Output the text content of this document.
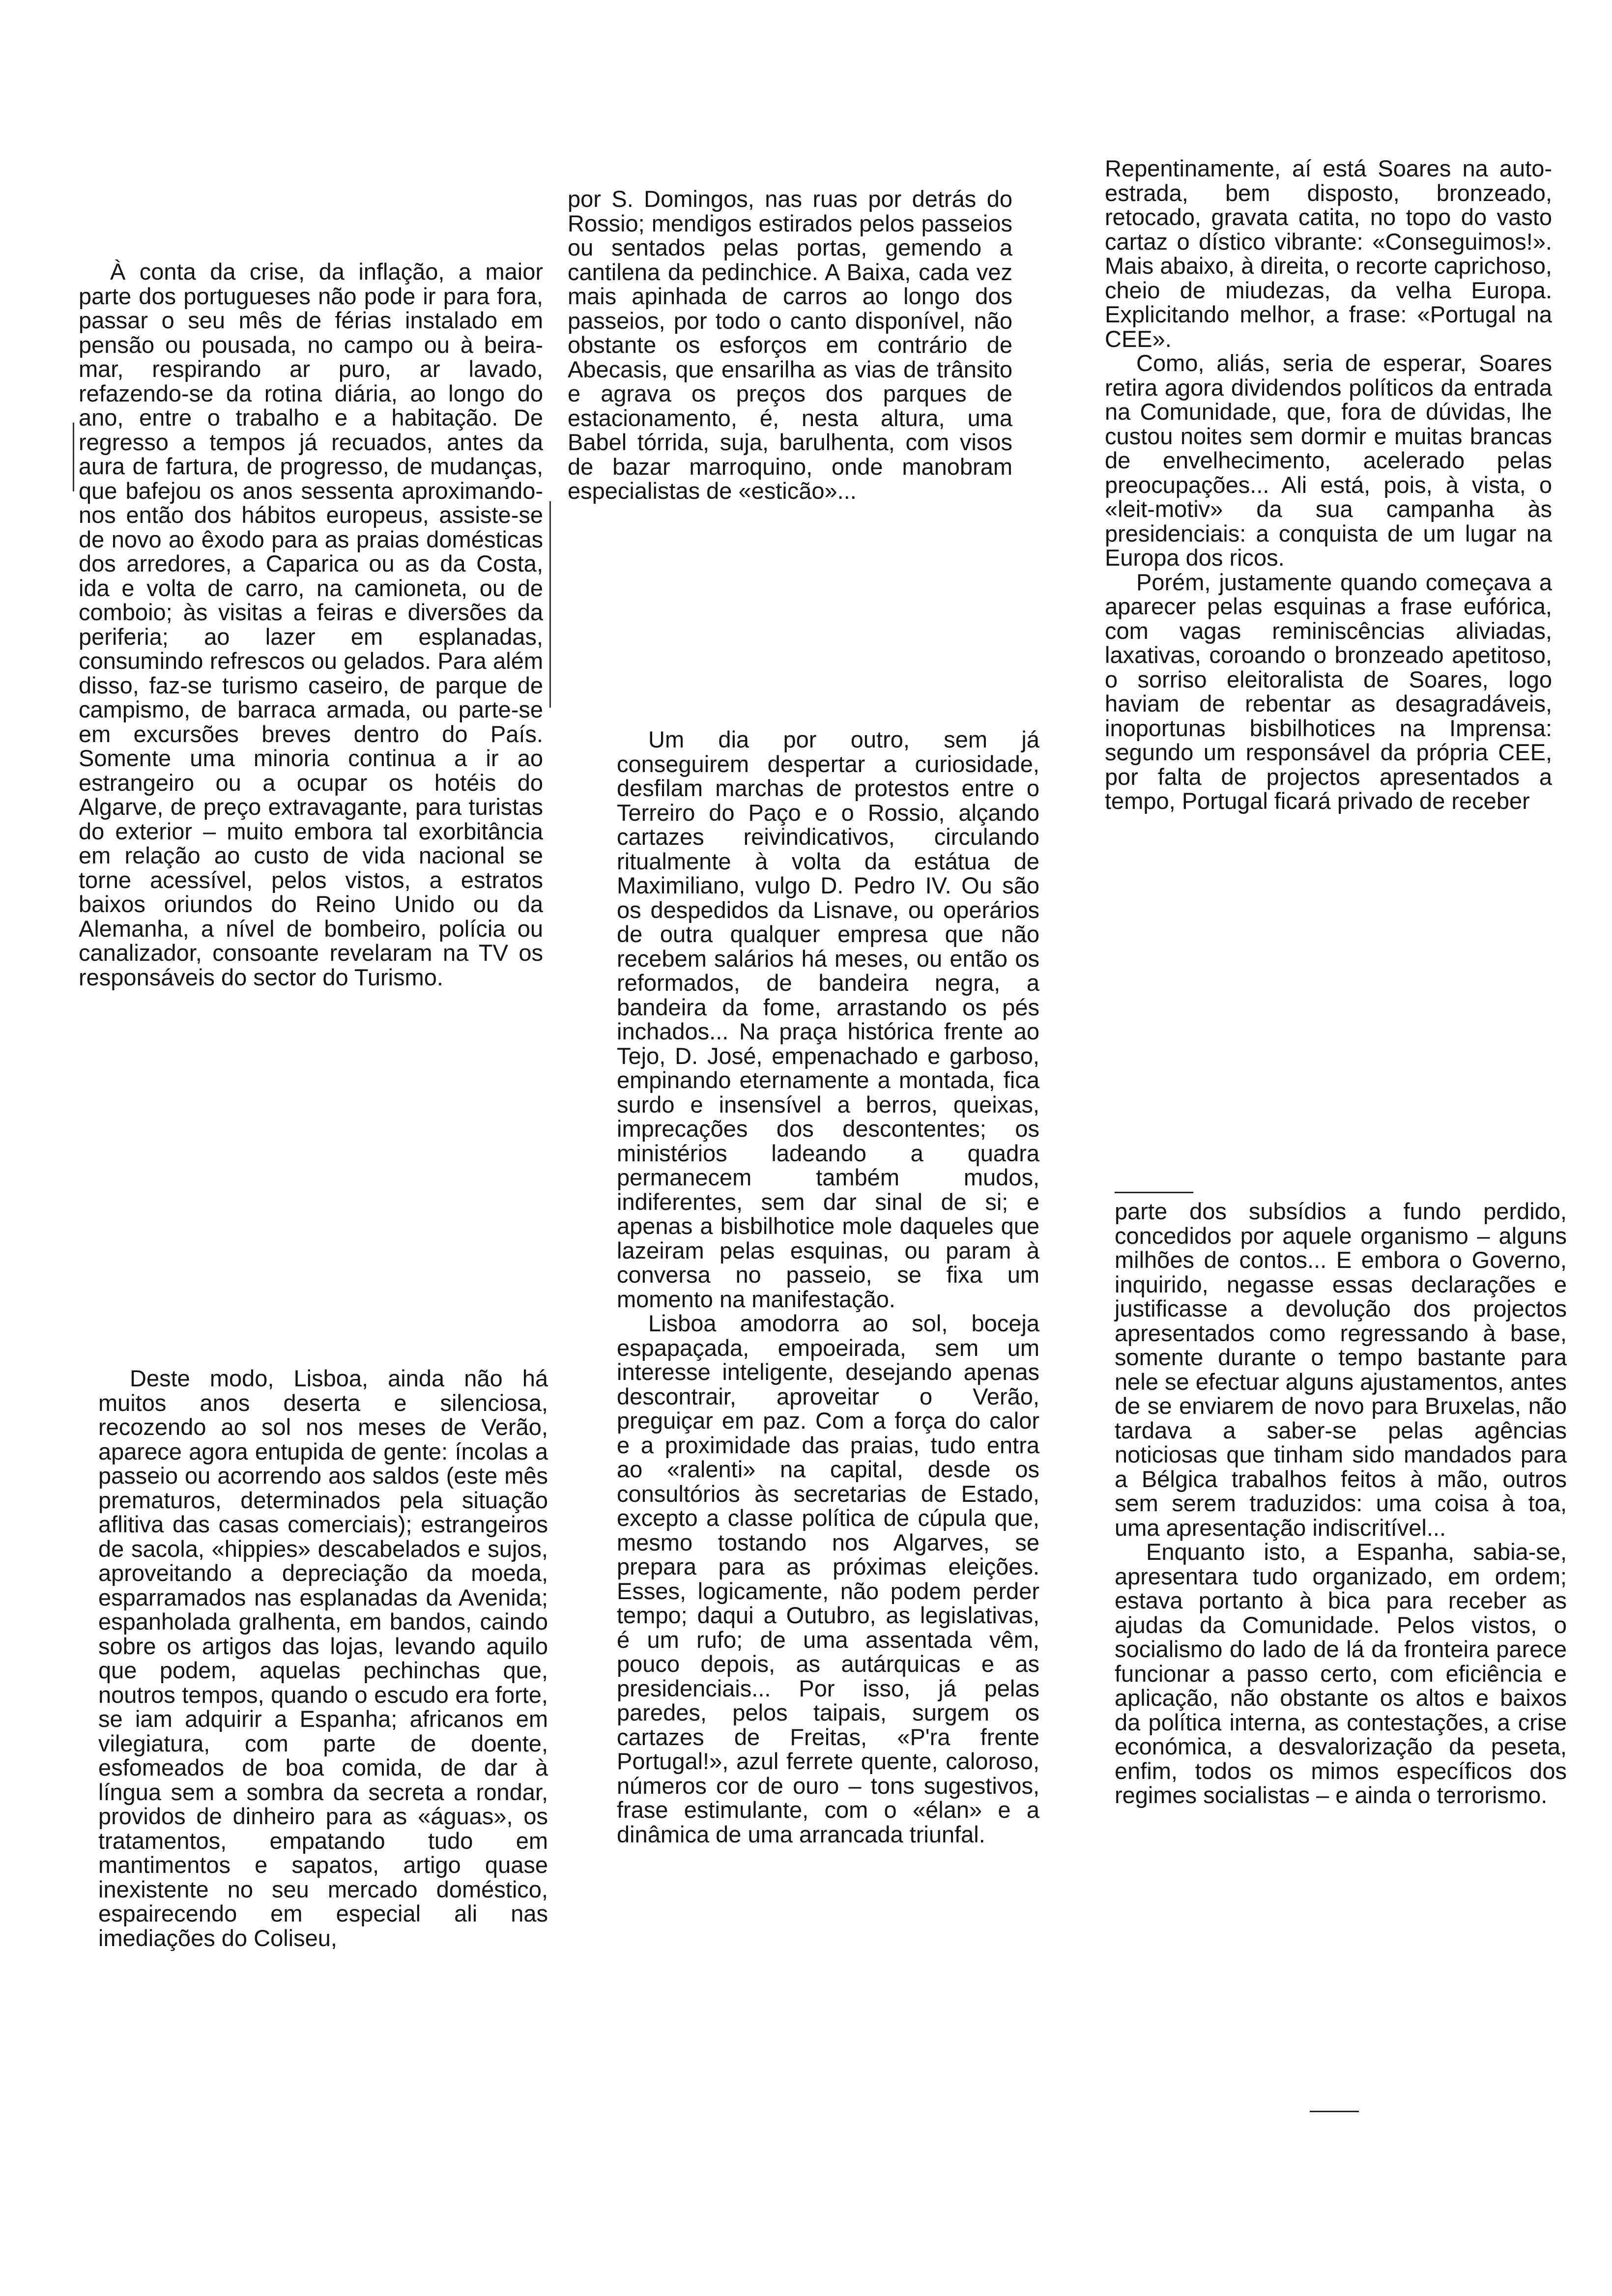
À conta da crise, da inflação, a maior parte dos portugueses não pode ir para fora, passar o seu mês de férias instalado em pensão ou pousada, no campo ou à beira-mar, respirando ar puro, ar lavado, refazendo-se da rotina diária, ao longo do ano, entre o trabalho e a habitação. De regresso a tempos já recuados, antes da aura de fartura, de progresso, de mudanças, que bafejou os anos sessenta aproximando-nos então dos hábitos europeus, assiste-se de novo ao êxodo para as praias domésticas dos arredores, a Caparica ou as da Costa, ida e volta de carro, na camioneta, ou de comboio; às visitas a feiras e diversões da periferia; ao lazer em esplanadas, consumindo refrescos ou gelados. Para além disso, faz-se turismo caseiro, de parque de campismo, de barraca armada, ou parte-se em excursões breves dentro do País. Somente uma minoria continua a ir ao estrangeiro ou a ocupar os hotéis do Algarve, de preço extravagante, para turistas do exterior – muito embora tal exorbitância em relação ao custo de vida nacional se torne acessível, pelos vistos, a estratos baixos oriundos do Reino Unido ou da Alemanha, a nível de bombeiro, polícia ou canalizador, consoante revelaram na TV os responsáveis do sector do Turismo.

Deste modo, Lisboa, ainda não há muitos anos deserta e silenciosa, recozendo ao sol nos meses de Verão, aparece agora entupida de gente: íncolas a passeio ou acorrendo aos saldos (este mês prematuros, determinados pela situação aflitiva das casas comerciais); estrangeiros de sacola, «hippies» descabelados e sujos, aproveitando a depreciação da moeda, esparramados nas esplanadas da Avenida; espanholada gralhenta, em bandos, caindo sobre os artigos das lojas, levando aquilo que podem, aquelas pechinchas que, noutros tempos, quando o escudo era forte, se iam adquirir a Espanha; africanos em vilegiatura, com parte de doente, esfomeados de boa comida, de dar à língua sem a sombra da secreta a rondar, providos de dinheiro para as «águas», os tratamentos, empatando tudo em mantimentos e sapatos, artigo quase inexistente no seu mercado doméstico, espairecendo em especial ali nas imediações do Coliseu,

por S. Domingos, nas ruas por detrás do Rossio; mendigos estirados pelos passeios ou sentados pelas portas, gemendo a cantilena da pedinchice. A Baixa, cada vez mais apinhada de carros ao longo dos passeios, por todo o canto disponível, não obstante os esforços em contrário de Abecasis, que ensarilha as vias de trânsito e agrava os preços dos parques de estacionamento, é, nesta altura, uma Babel tórrida, suja, barulhenta, com visos de bazar marroquino, onde manobram especialistas de «esticão»...

Um dia por outro, sem já conseguirem despertar a curiosidade, desfilam marchas de protestos entre o Terreiro do Paço e o Rossio, alçando cartazes reivindicativos, circulando ritualmente à volta da estátua de Maximiliano, vulgo D. Pedro IV. Ou são os despedidos da Lisnave, ou operários de outra qualquer empresa que não recebem salários há meses, ou então os reformados, de bandeira negra, a bandeira da fome, arrastando os pés inchados... Na praça histórica frente ao Tejo, D. José, empenachado e garboso, empinando eternamente a montada, fica surdo e insensível a berros, queixas, imprecações dos descontentes; os ministérios ladeando a quadra permanecem também mudos, indiferentes, sem dar sinal de si; e apenas a bisbilhotice mole daqueles que lazeiram pelas esquinas, ou param à conversa no passeio, se fixa um momento na manifestação.

Lisboa amodorra ao sol, boceja espapaçada, empoeirada, sem um interesse inteligente, desejando apenas descontrair, aproveitar o Verão, preguiçar em paz. Com a força do calor e a proximidade das praias, tudo entra ao «ralenti» na capital, desde os consultórios às secretarias de Estado, excepto a classe política de cúpula que, mesmo tostando nos Algarves, se prepara para as próximas eleições. Esses, logicamente, não podem perder tempo; daqui a Outubro, as legislativas, é um rufo; de uma assentada vêm, pouco depois, as autárquicas e as presidenciais... Por isso, já pelas paredes, pelos taipais, surgem os cartazes de Freitas, «P'ra frente Portugal!», azul ferrete quente, caloroso, números cor de ouro – tons sugestivos, frase estimulante, com o «élan» e a dinâmica de uma arrancada triunfal.

Repentinamente, aí está Soares na auto-estrada, bem disposto, bronzeado, retocado, gravata catita, no topo do vasto cartaz o dístico vibrante: «Conseguimos!». Mais abaixo, à direita, o recorte caprichoso, cheio de miudezas, da velha Europa. Explicitando melhor, a frase: «Portugal na CEE».

Como, aliás, seria de esperar, Soares retira agora dividendos políticos da entrada na Comunidade, que, fora de dúvidas, lhe custou noites sem dormir e muitas brancas de envelhecimento, acelerado pelas preocupações... Ali está, pois, à vista, o «leit-motiv» da sua campanha às presidenciais: a conquista de um lugar na Europa dos ricos.

Porém, justamente quando começava a aparecer pelas esquinas a frase eufórica, com vagas reminiscências aliviadas, laxativas, coroando o bronzeado apetitoso, o sorriso eleitoralista de Soares, logo haviam de rebentar as desagradáveis, inoportunas bisbilhotices na Imprensa: segundo um responsável da própria CEE, por falta de projectos apresentados a tempo, Portugal ficará privado de receber

parte dos subsídios a fundo perdido, concedidos por aquele organismo – alguns milhões de contos... E embora o Governo, inquirido, negasse essas declarações e justificasse a devolução dos projectos apresentados como regressando à base, somente durante o tempo bastante para nele se efectuar alguns ajustamentos, antes de se enviarem de novo para Bruxelas, não tardava a saber-se pelas agências noticiosas que tinham sido mandados para a Bélgica trabalhos feitos à mão, outros sem serem traduzidos: uma coisa à toa, uma apresentação indiscritível...

Enquanto isto, a Espanha, sabia-se, apresentara tudo organizado, em ordem; estava portanto à bica para receber as ajudas da Comunidade. Pelos vistos, o socialismo do lado de lá da fronteira parece funcionar a passo certo, com eficiência e aplicação, não obstante os altos e baixos da política interna, as contestações, a crise económica, a desvalorização da peseta, enfim, todos os mimos específicos dos regimes socialistas – e ainda o terrorismo.
